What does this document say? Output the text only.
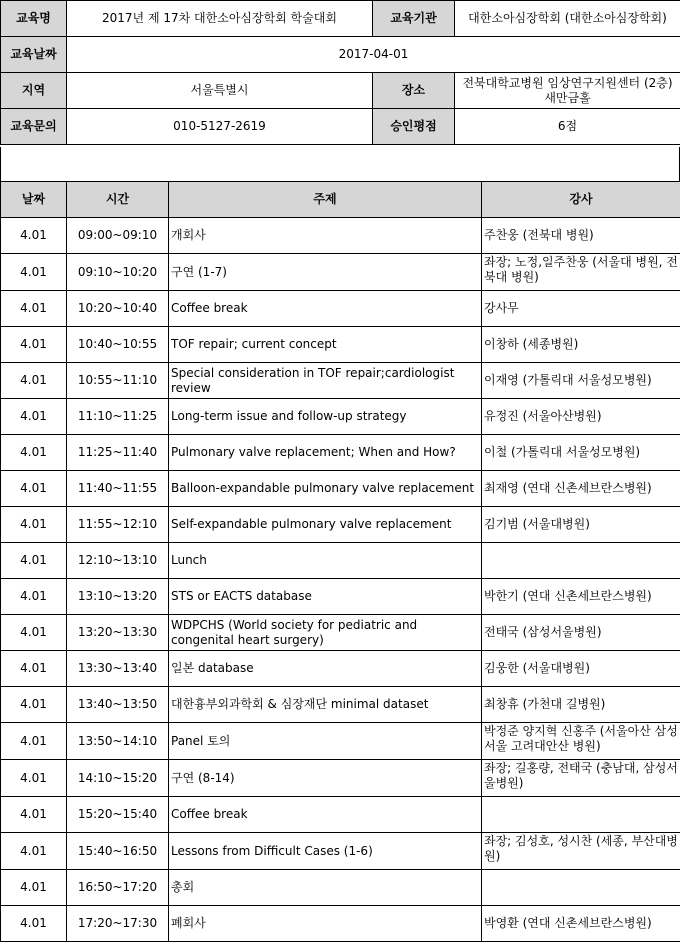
교육명	2017년 제 17차 대한소아심장학회 학술대회	교육기관	대한소아심장학회 (대한소아심장학회)
교육날짜	2017-04-01		
지역	서울특별시	장소	전북대학교병원 임상연구지원센터 (2층) 새만금홀
교육문의	010-5127-2619	승인평점	6점
날짜	시간	주제	강사
4.01	09:00~09:10	개회사	주찬웅 (전북대 병원)
4.01	09:10~10:20	구연 (1-7)	좌장; 노정,일주찬웅 (서울대 병원, 전북대 병원)
4.01	10:20~10:40	Coffee break	강사무
4.01	10:40~10:55	TOF repair; current concept	이창하 (세종병원)
4.01	10:55~11:10	Special consideration in TOF repair;cardiologist review	이재영 (가톨릭대 서울성모병원)
4.01	11:10~11:25	Long-term issue and follow-up strategy	유정진 (서울아산병원)
4.01	11:25~11:40	Pulmonary valve replacement; When and How?	이철 (가톨릭대 서울성모병원)
4.01	11:40~11:55	Balloon-expandable pulmonary valve replacement	최재영 (연대 신촌세브란스병원)
4.01	11:55~12:10	Self-expandable pulmonary valve replacement	김기범 (서울대병원)
4.01	12:10~13:10	Lunch	
4.01	13:10~13:20	STS or EACTS database	박한기 (연대 신촌세브란스병원)
4.01	13:20~13:30	WDPCHS (World society for pediatric and congenital heart surgery)	전태국 (삼성서울병원)
4.01	13:30~13:40	일본 database	김웅한 (서울대병원)
4.01	13:40~13:50	대한흉부외과학회 & 심장재단 minimal dataset	최창휴 (가천대 길병원)
4.01	13:50~14:10	Panel 토의	박정준 양지혁 신홍주 (서울아산 삼성서울 고려대안산 병원)
4.01	14:10~15:20	구연 (8-14)	좌장; 길홍량, 전태국 (충남대, 삼성서울병원)
4.01	15:20~15:40	Coffee break	
4.01	15:40~16:50	Lessons from Difficult Cases (1-6)	좌장; 김성호, 성시찬 (세종, 부산대병원)
4.01	16:50~17:20	총회	
4.01	17:20~17:30	폐회사	박영환 (연대 신촌세브란스병원)
